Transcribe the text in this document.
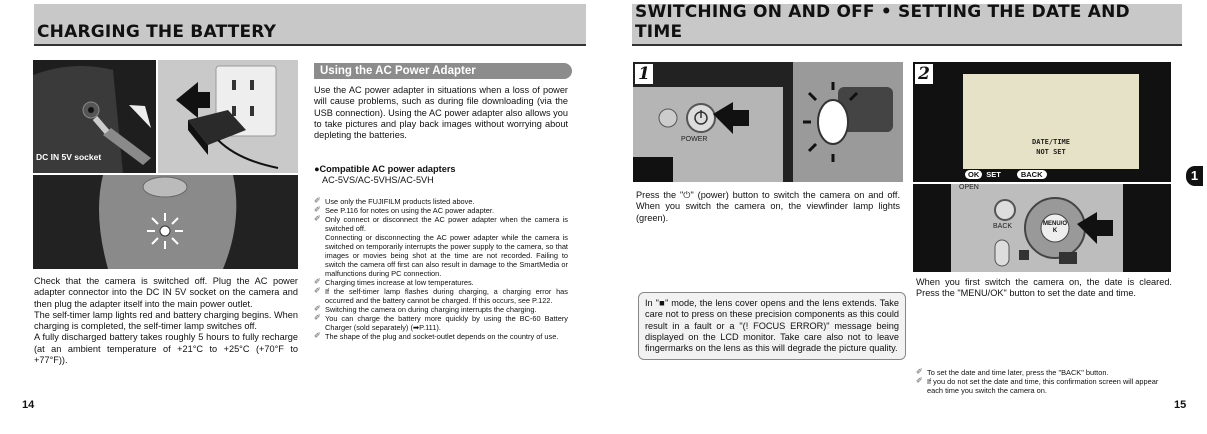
CHARGING THE BATTERY
DC IN 5V socket

Check that the camera is switched off. Plug the AC power adapter connector into the DC IN 5V socket on the camera and then plug the adapter itself into the main power outlet.

The self-timer lamp lights red and battery charging begins. When charging is completed, the self-timer lamp switches off.

A fully discharged battery takes roughly 5 hours to fully recharge (at an ambient temperature of +21°C to +25°C (+70°F to +77°F)).

14
Using the AC Power Adapter
Use the AC power adapter in situations when a loss of power will cause problems, such as during file downloading (via the USB connection). Using the AC power adapter also allows you to take pictures and play back images without worrying about depleting the batteries.
●Compatible AC power adapters
AC-5VS/AC-5VHS/AC-5VH
✐ Use only the FUJIFILM products listed above.
✐ See P.116 for notes on using the AC power adapter.
✐ Only connect or disconnect the AC power adapter when the camera is switched off.
Connecting or disconnecting the AC power adapter while the camera is switched on temporarily interrupts the power supply to the camera, so that images or movies being shot at the time are not recorded. Failing to switch the camera off first can also result in damage to the SmartMedia or malfunctions during PC connection.
✐ Charging times increase at low temperatures.
✐ If the self-timer lamp flashes during charging, a charging error has occurred and the battery cannot be charged. If this occurs, see P.122.
✐ Switching the camera on during charging interrupts the charging.
✐ You can charge the battery more quickly by using the BC-60 Battery Charger (sold separately) (➡P.111).
✐ The shape of the plug and socket-outlet depends on the country of use.
SWITCHING ON AND OFF • SETTING THE DATE AND TIME
POWER
1
Press the "⏻" (power) button to switch the camera on and off. When you switch the camera on, the viewfinder lamp lights (green).
In "■" mode, the lens cover opens and the lens extends. Take care not to press on these precision components as this could result in a fault or a "(! FOCUS ERROR)" message being displayed on the LCD monitor. Take care also not to leave fingermarks on the lens as this will degrade the picture quality.
DATE/TIME
NOT SET
OK SET	BACK
2
OPEN
BACK	MENU/OK
When you first switch the camera on, the date is cleared. Press the "MENU/OK" button to set the date and time.
✐ To set the date and time later, press the "BACK" button.
✐ If you do not set the date and time, this confirmation screen will appear each time you switch the camera on.
15
1
